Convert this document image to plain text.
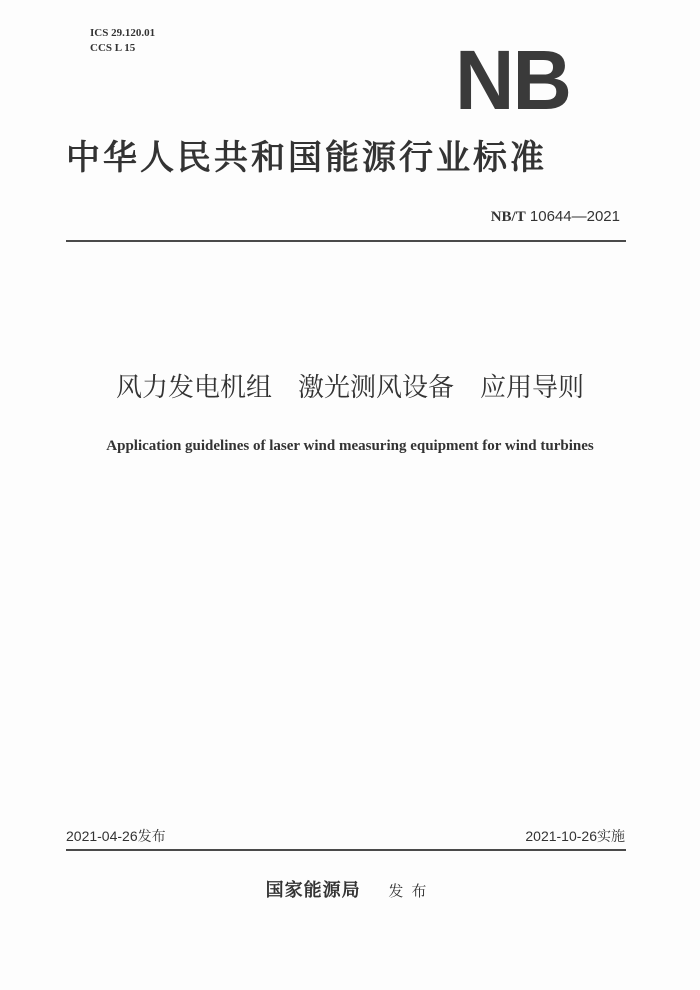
ICS 29.120.01
CCS L 15	NB
中华人民共和国能源行业标准
NB/T 10644—2021
风力发电机组　激光测风设备　应用导则
Application guidelines of laser wind measuring equipment for wind turbines
2021-04-26发布	2021-10-26实施
国家能源局 发布
